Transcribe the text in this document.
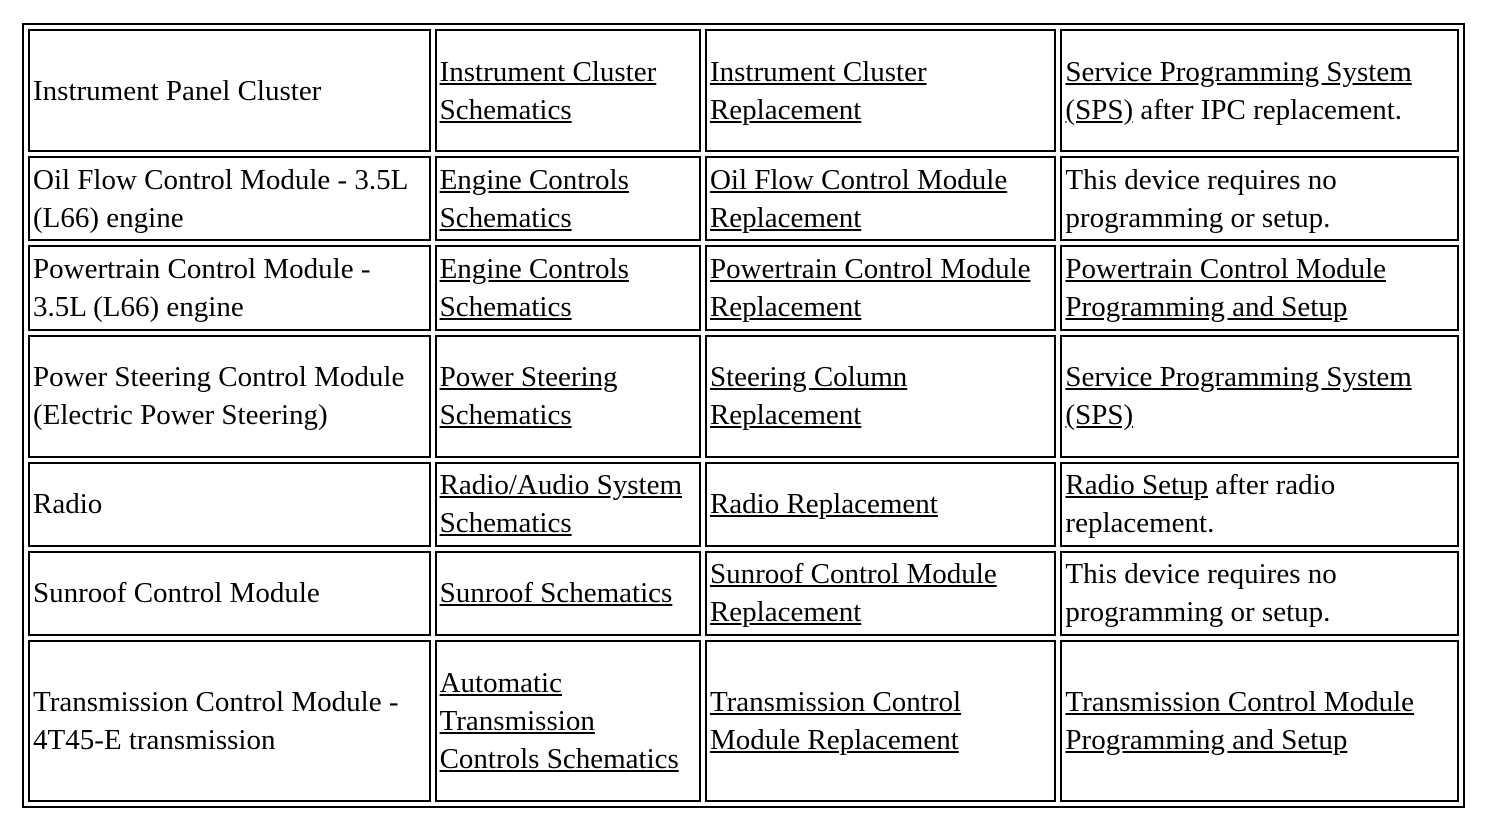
Instrument Panel Cluster	Instrument Cluster Schematics	Instrument Cluster Replacement	Service Programming System (SPS) after IPC replacement.
Oil Flow Control Module - 3.5L (L66) engine	Engine Controls Schematics	Oil Flow Control Module Replacement	This device requires no programming or setup.
Powertrain Control Module - 3.5L (L66) engine	Engine Controls Schematics	Powertrain Control Module Replacement	Powertrain Control Module Programming and Setup
Power Steering Control Module (Electric Power Steering)	Power Steering Schematics	Steering Column Replacement	Service Programming System (SPS)
Radio	Radio/Audio System Schematics	Radio Replacement	Radio Setup after radio replacement.
Sunroof Control Module	Sunroof Schematics	Sunroof Control Module Replacement	This device requires no programming or setup.
Transmission Control Module - 4T45-E transmission	Automatic Transmission Controls Schematics	Transmission Control Module Replacement	Transmission Control Module Programming and Setup
